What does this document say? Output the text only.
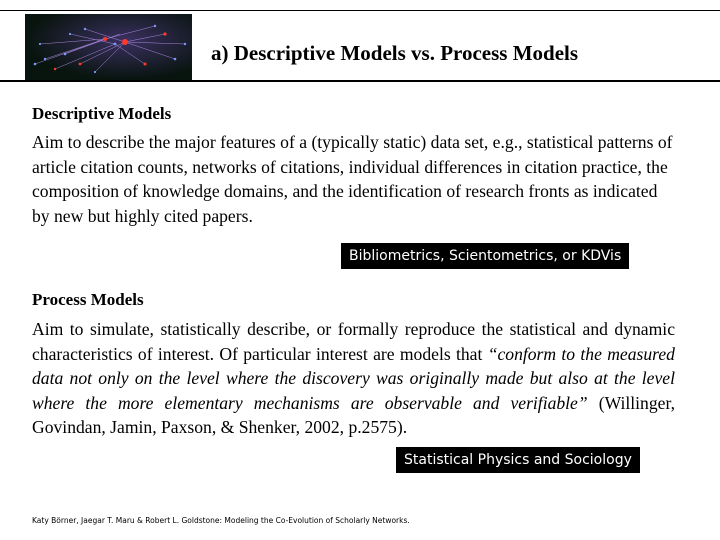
a) Descriptive Models vs. Process Models
Descriptive Models
Aim to describe the major features of a (typically static) data set, e.g., statistical patterns of article citation counts, networks of citations, individual differences in citation practice, the composition of knowledge domains, and the identification of research fronts as indicated by new but highly cited papers.
Bibliometrics, Scientometrics, or KDVis
Process Models
Aim to simulate, statistically describe, or formally reproduce the statistical and dynamic characteristics of interest. Of particular interest are models that “conform to the measured data not only on the level where the discovery was originally made but also at the level where the more elementary mechanisms are observable and verifiable” (Willinger, Govindan, Jamin, Paxson, & Shenker, 2002, p.2575).
Statistical Physics and Sociology
Katy Börner, Jaegar T. Maru & Robert L. Goldstone: Modeling the Co-Evolution of Scholarly Networks.
